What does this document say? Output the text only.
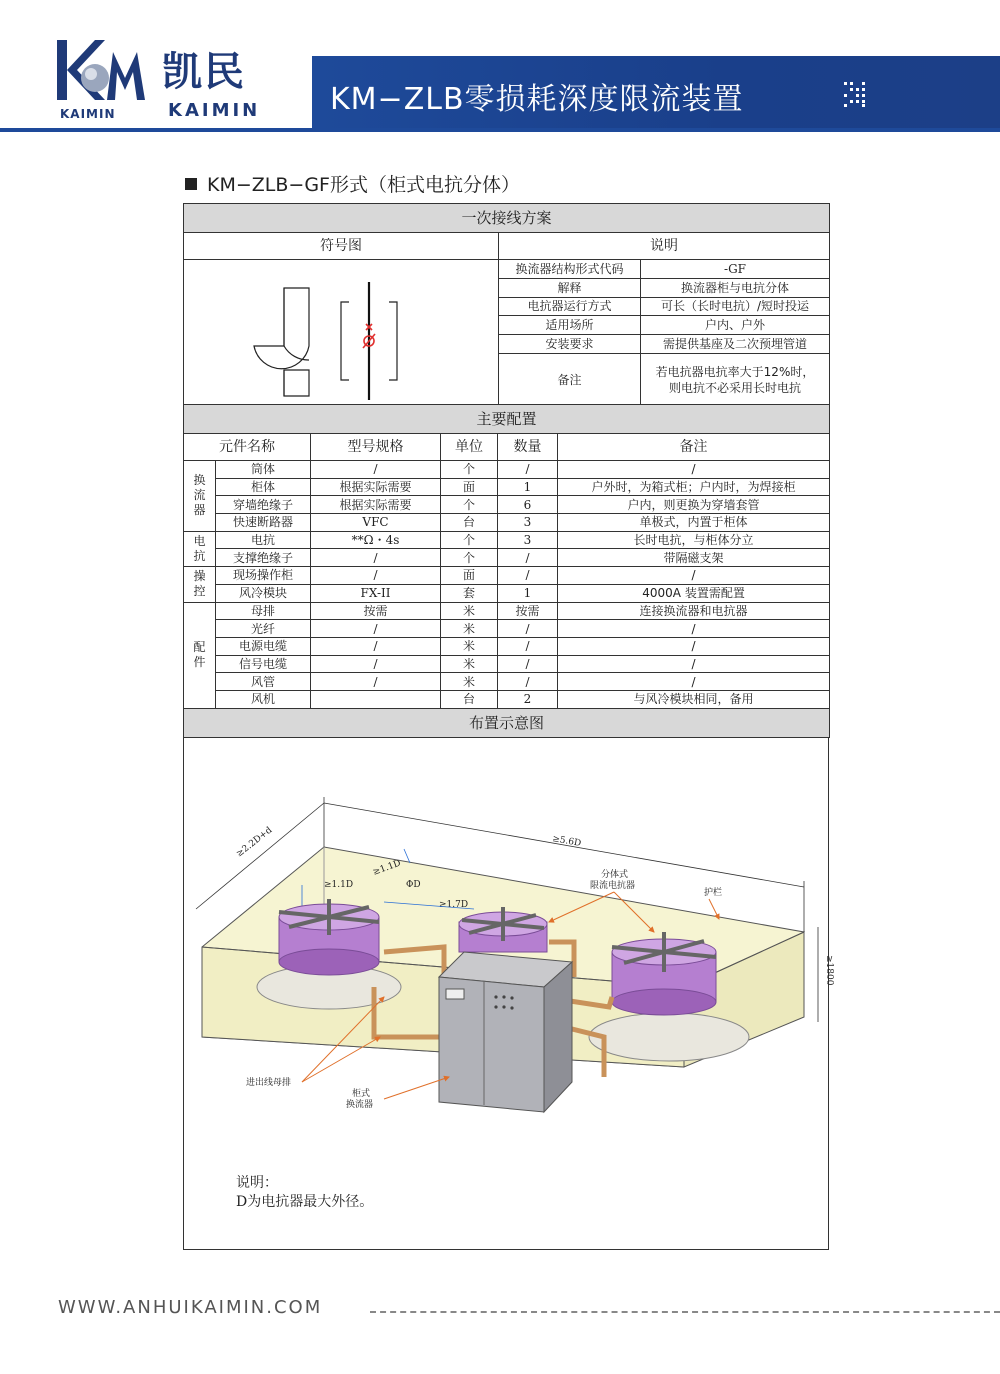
KAIMIN
凯民
KAIMIN KM−ZLB零损耗深度限流装置
KM−ZLB−GF形式（柜式电抗分体）
一次接线方案		
符号图	说明	
	换流器结构形式代码	-GF
	解释	换流器柜与电抗分体
	电抗器运行方式	可长（长时电抗）/短时投运
	适用场所	户内、户外
	安装要求	需提供基座及二次预埋管道
	备注	若电抗器电抗率大于12%时，
则电抗不必采用长时电抗
主要配置					
元件名称		型号规格	单位	数量	备注
换流器	筒体	/	个	/	/
	柜体	根据实际需要	面	1	户外时，为箱式柜；户内时，为焊接柜
	穿墙绝缘子	根据实际需要	个	6	户内，则更换为穿墙套管
	快速断路器	VFC	台	3	单极式，内置于柜体
电抗	电抗	**Ω・4s	个	3	长时电抗，与柜体分立
	支撑绝缘子	/	个	/	带隔磁支架
操控	现场操作柜	/	面	/	/
	风冷模块	FX-II	套	1	4000A 装置需配置
配件	母排	按需	米	按需	连接换流器和电抗器
	光纤	/	米	/	/
	电源电缆	/	米	/	/
	信号电缆	/	米	/	/
	风管	/	米	/	/
	风机		台	2	与风冷模块相同，备用
布置示意图					
≥5.6D
≥2.2D+d
≥1800
≥1.1D
≥1.1D
ΦD
≥1.7D
分体式
限流电抗器
护栏
进出线母排
柜式
换流器
说明：
D为电抗器最大外径。
WWW.ANHUIKAIMIN.COM
